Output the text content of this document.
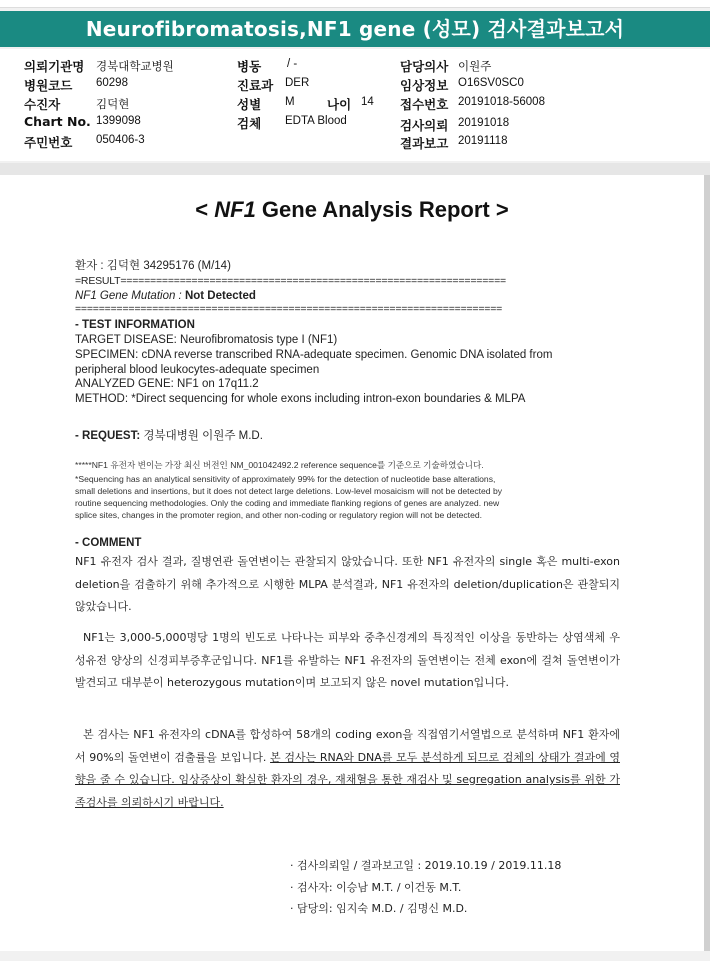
Neurofibromatosis,NF1 gene (성모) 검사결과보고서
의뢰기관명 경북대학교병원
병원코드 60298
수진자	김덕현
Chart No. 1399098
주민번호 050406-3
병동 / -
진료과 DER
성별 M	나이 14
검체 EDTA Blood
담당의사 이원주
임상정보 O16SV0SC0
접수번호 20191018-56008
검사의뢰 20191018
결과보고 20191118
< NF1 Gene Analysis Report >
환자 : 김덕현 34295176 (M/14)
=RESULT=================================================================
NF1 Gene Mutation : Not Detected
========================================================================
- TEST INFORMATION
TARGET DISEASE: Neurofibromatosis type I (NF1)
SPECIMEN: cDNA reverse transcribed RNA-adequate specimen. Genomic DNA isolated from
peripheral blood leukocytes-adequate specimen
ANALYZED GENE: NF1 on 17q11.2
METHOD: *Direct sequencing for whole exons including intron-exon boundaries & MLPA
- REQUEST: 경북대병원 이원주 M.D.
*****NF1 유전자 변이는 가장 최신 버전인 NM_001042492.2 reference sequence를 기준으로 기술하였습니다.
*Sequencing has an analytical sensitivity of approximately 99% for the detection of nucleotide base alterations,
small deletions and insertions, but it does not detect large deletions. Low-level mosaicism will not be detected by
routine sequencing methodologies. Only the coding and immediate flanking regions of genes are analyzed. new
splice sites, changes in the promoter region, and other non-coding or regulatory region will not be detected.
- COMMENT
NF1 유전자 검사 결과, 질병연관 돌연변이는 관찰되지 않았습니다. 또한 NF1 유전자의 single 혹은 multi-exon deletion을 검출하기 위해 추가적으로 시행한 MLPA 분석결과, NF1 유전자의 deletion/duplication은 관찰되지 않았습니다.
NF1는 3,000-5,000명당 1명의 빈도로 나타나는 피부와 중추신경계의 특징적인 이상을 동반하는 상염색체 우성유전 양상의 신경피부증후군입니다. NF1를 유발하는 NF1 유전자의 돌연변이는 전체 exon에 걸쳐 돌연변이가 발견되고 대부분이 heterozygous mutation이며 보고되지 않은 novel mutation입니다.
본 검사는 NF1 유전자의 cDNA를 합성하여 58개의 coding exon을 직접염기서열법으로 분석하며 NF1 환자에서 90%의 돌연변이 검출률을 보입니다. 본 검사는 RNA와 DNA를 모두 분석하게 되므로 검체의 상태가 결과에 영향을 줄 수 있습니다. 임상증상이 확실한 환자의 경우, 재채혈을 통한 재검사 및 segregation analysis를 위한 가족검사를 의뢰하시기 바랍니다.
· 검사의뢰일 / 결과보고일 : 2019.10.19 / 2019.11.18
· 검사자: 이승남 M.T. / 이건동 M.T.
· 담당의: 임지숙 M.D. / 김명신 M.D.
